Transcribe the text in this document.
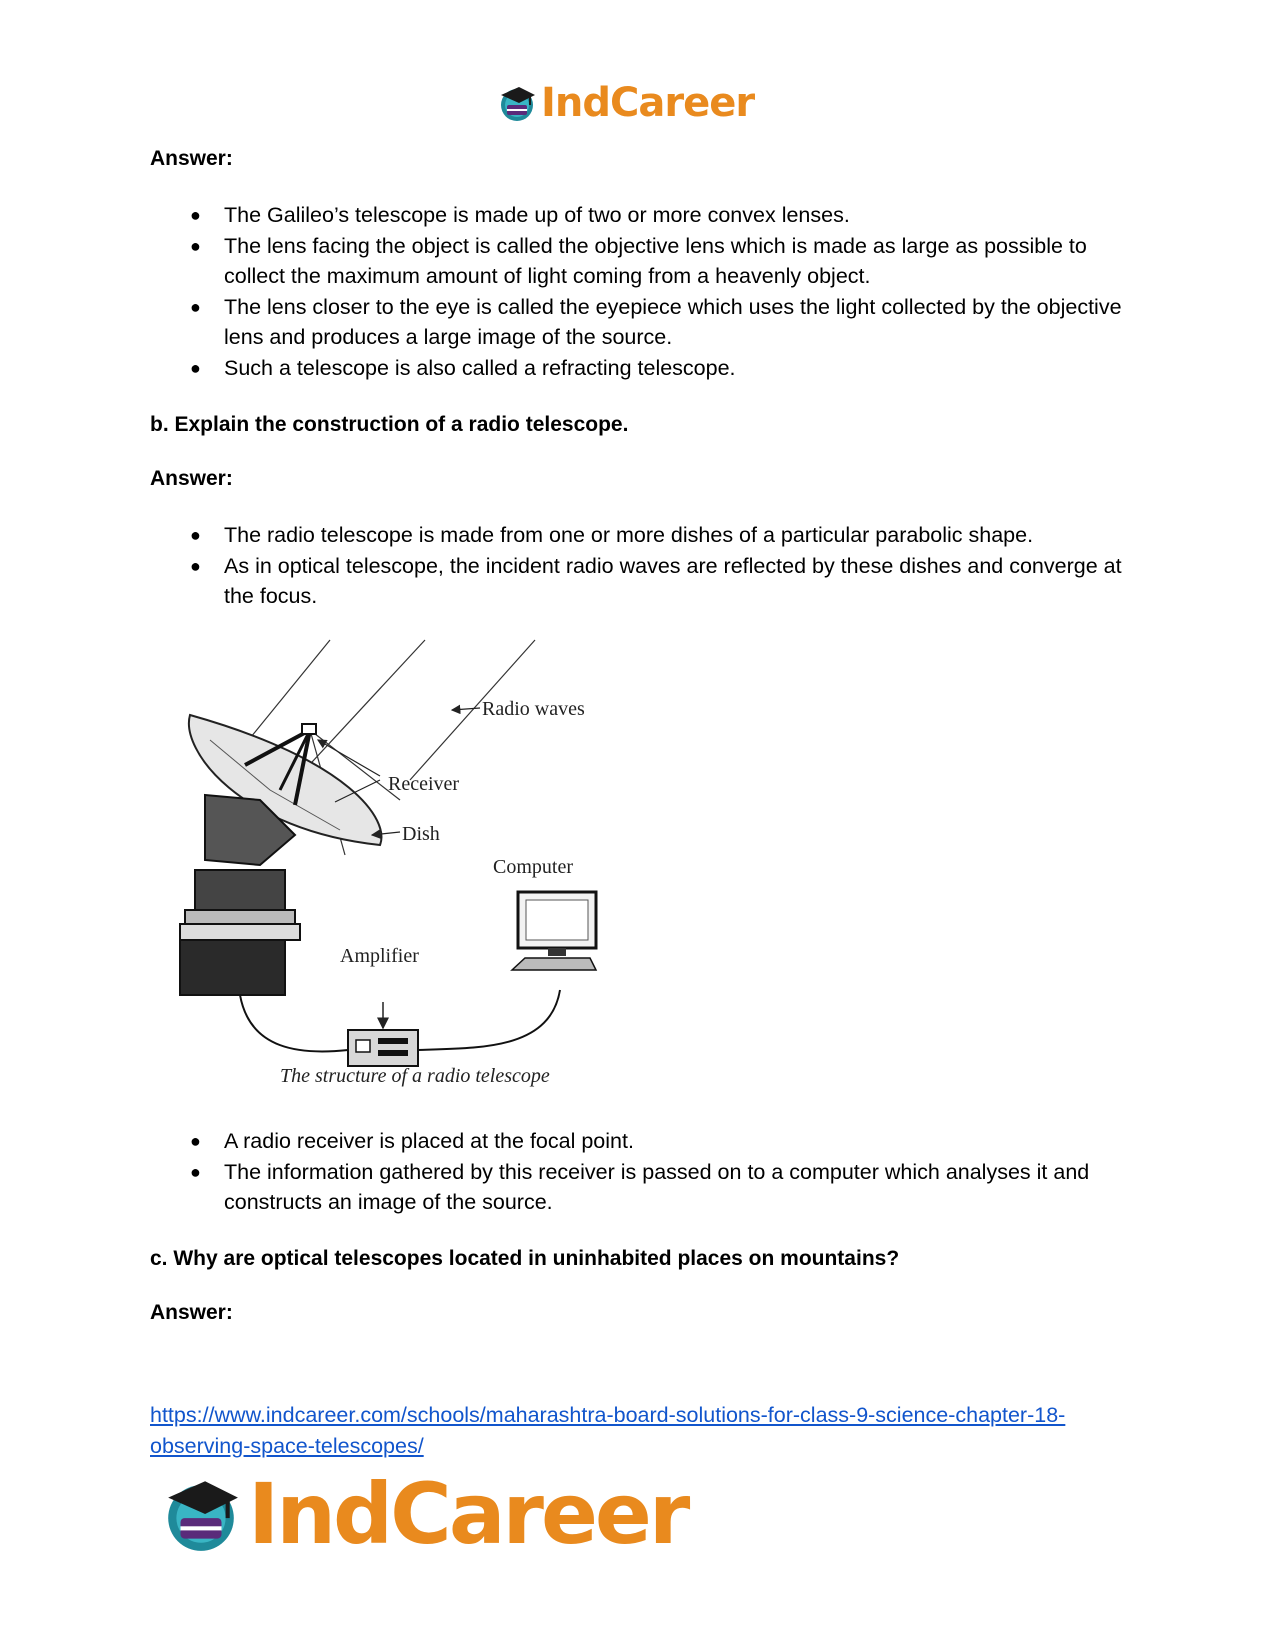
IndCareer

Answer:

● The Galileo’s telescope is made up of two or more convex lenses.
● The lens facing the object is called the objective lens which is made as large as possible to collect the maximum amount of light coming from a heavenly object.
● The lens closer to the eye is called the eyepiece which uses the light collected by the objective lens and produces a large image of the source.
● Such a telescope is also called a refracting telescope.

b. Explain the construction of a radio telescope.

Answer:

● The radio telescope is made from one or more dishes of a particular parabolic shape.
● As in optical telescope, the incident radio waves are reflected by these dishes and converge at the focus.
Radio waves
Receiver
Dish
Computer
Amplifier
The structure of a radio telescope
● A radio receiver is placed at the focal point.
● The information gathered by this receiver is passed on to a computer which analyses it and constructs an image of the source.

c. Why are optical telescopes located in uninhabited places on mountains?

Answer:

https://www.indcareer.com/schools/maharashtra-board-solutions-for-class-9-science-chapter-18-observing-space-telescopes/
IndCareer
